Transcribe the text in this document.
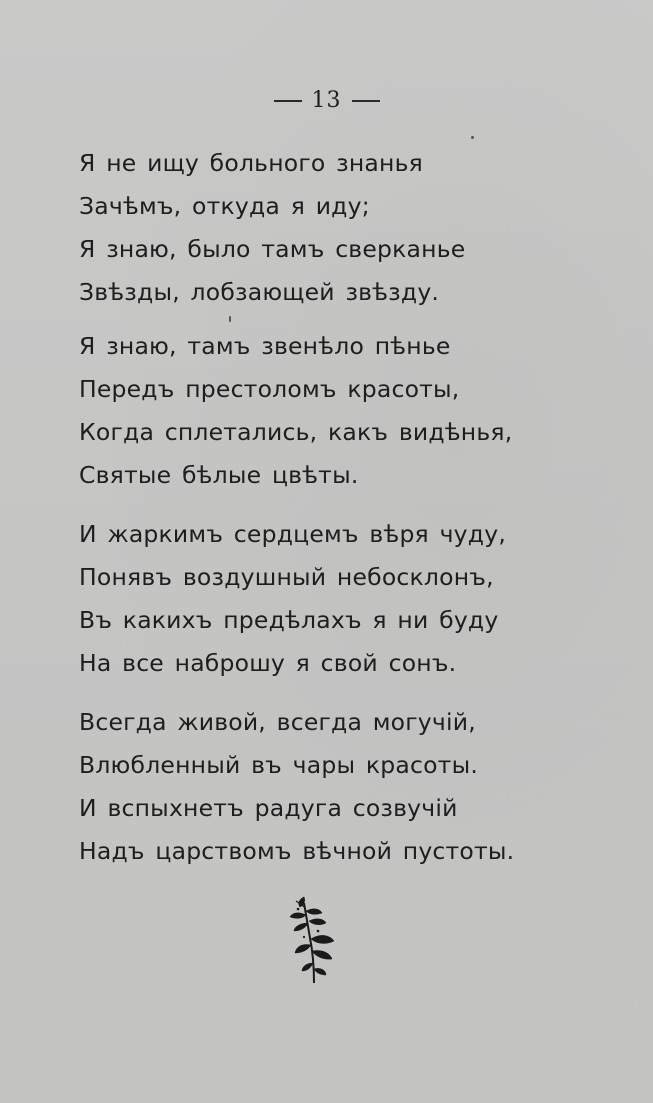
13
Я не ищу больного знанья
Зачѣмъ, откуда я иду;
Я знаю, было тамъ сверканье
Звѣзды, лобзающей звѣзду.
Я знаю, тамъ звенѣло пѣнье
Передъ престоломъ красоты,
Когда сплетались, какъ видѣнья,
Святые бѣлые цвѣты.
И жаркимъ сердцемъ вѣря чуду,
Понявъ воздушный небосклонъ,
Въ какихъ предѣлахъ я ни буду
На все наброшу я свой сонъ.
Всегда живой, всегда могучій,
Влюбленный въ чары красоты.
И вспыхнетъ радуга созвучій
Надъ царствомъ вѣчной пустоты.
